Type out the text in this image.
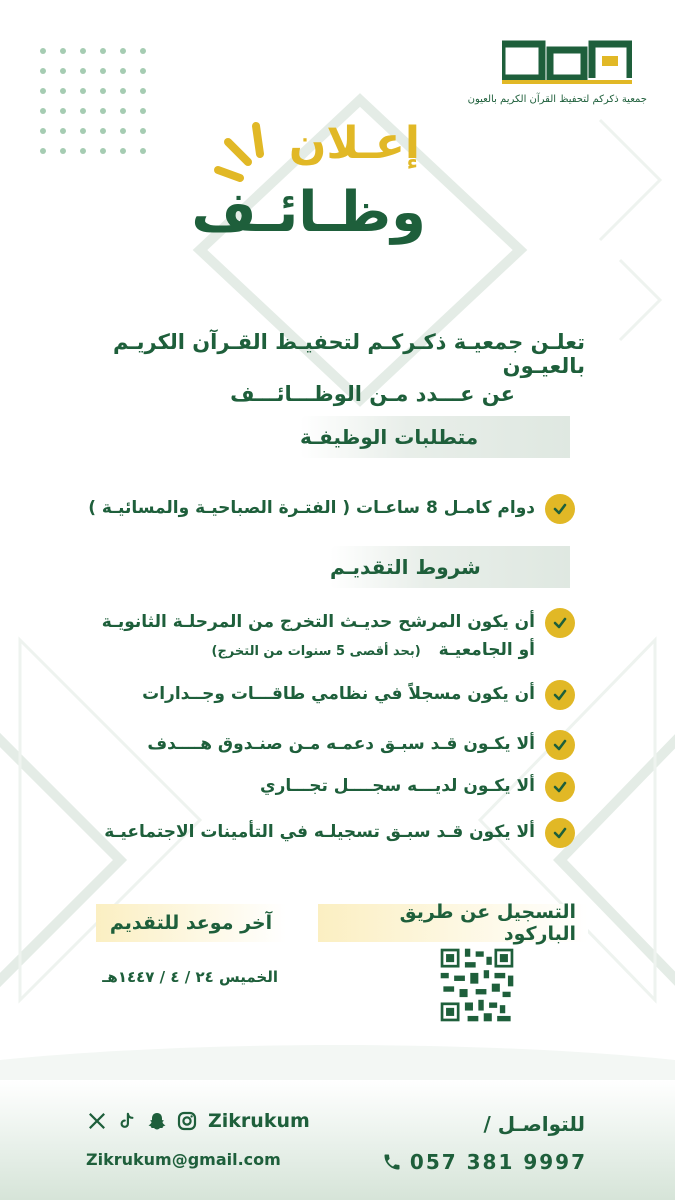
جمعية ذكركم لتحفيظ القرآن الكريم بالعيون
إعـلان
وظـائـف
تعلـن جمعيـة ذكـركـم لتحفيـظ القـرآن الكريـم بالعيـون
عن عـــدد مـن الوظـــائـــف
متطلبات الوظيفـة
دوام كامـل 8 ساعـات ( الفتـرة الصباحيـة والمسائيـة )
شروط التقديـم
أن يكون المرشح حديـث التخرج من المرحلـة الثانويـة
أو الجامعيـة (بحد أقصى 5 سنوات من التخرج)
أن يكون مسجلاً في نظامي طاقـــات وجــدارات
ألا يكـون قـد سبـق دعمـه مـن صنـدوق هــــدف
ألا يكـون لديـــه سجــــل تجـــاري
ألا يكون قـد سبـق تسجيلـه في التأمينات الاجتماعيـة
التسجيل عن طريق الباركود
آخر موعد للتقديم
الخميس ٢٤ / ٤ / ١٤٤٧هـ
للتواصـل /
057 381 9997
Zikrukum
Zikrukum@gmail.com
